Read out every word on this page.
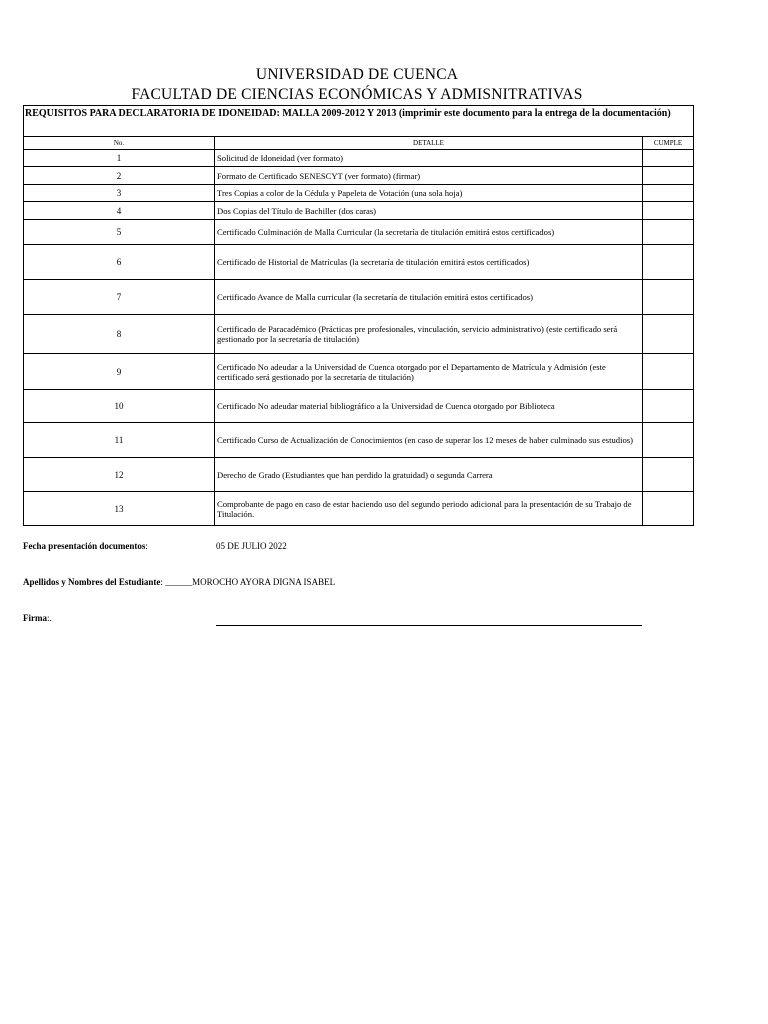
UNIVERSIDAD DE CUENCA
FACULTAD DE CIENCIAS ECONÓMICAS Y ADMISNITRATIVAS
REQUISITOS PARA DECLARATORIA DE IDONEIDAD: MALLA 2009-2012 Y 2013 (imprimir este documento para la entrega de la documentación)		
No.	DETALLE	CUMPLE
1	Solicitud de Idoneidad (ver formato)	
2	Formato de Certificado SENESCYT (ver formato) (firmar)	
3	Tres Copias a color de la Cédula y Papeleta de Votación (una sola hoja)	
4	Dos Copias del Título de Bachiller (dos caras)	
5	Certificado Culminación de Malla Curricular (la secretaría de titulación emitirá estos certificados)	
6	Certificado de Historial de Matrículas (la secretaría de titulación emitirá estos certificados)	
7	Certificado Avance de Malla curricular (la secretaría de titulación emitirá estos certificados)	
8	Certificado de Paracadémico (Prácticas pre profesionales, vinculación, servicio administrativo) (este certificado será gestionado por la secretaría de titulación)	
9	Certificado No adeudar a la Universidad de Cuenca otorgado por el Departamento de Matrícula y Admisión (este certificado será gestionado por la secretaría de titulación)	
10	Certificado No adeudar material bibliográfico a la Universidad de Cuenca otorgado por Biblioteca	
11	Certificado Curso de Actualización de Conocimientos (en caso de superar los 12 meses de haber culminado sus estudios)	
12	Derecho de Grado (Estudiantes que han perdido la gratuidad) o segunda Carrera	
13	Comprobante de pago en caso de estar haciendo uso del segundo periodo adicional para la presentación de su Trabajo de Titulación.	
Fecha presentación documentos:	05 DE JULIO 2022
Apellidos y Nombres del Estudiante: ______MOROCHO AYORA DIGNA ISABEL
Firma:.
